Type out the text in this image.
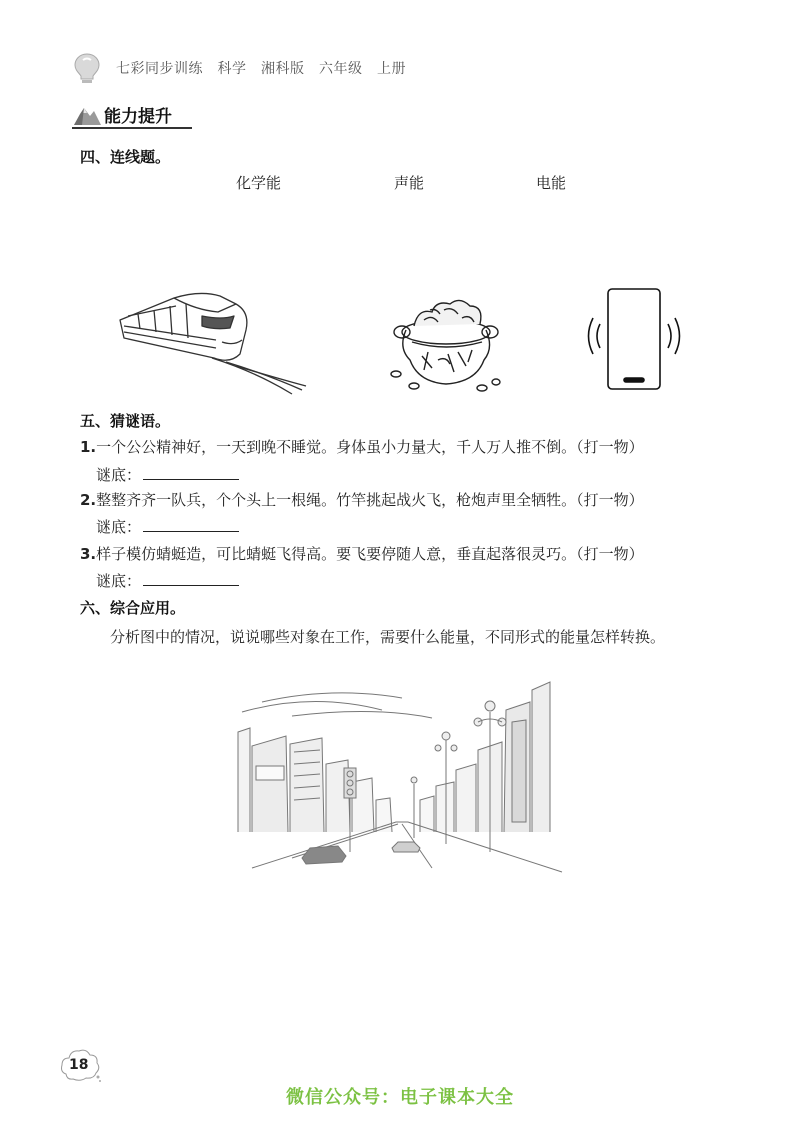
七彩同步训练　科学　湘科版　六年级　上册
能力提升
四、连线题。
化学能	声能	电能
五、猜谜语。
1.一个公公精神好，一天到晚不睡觉。身体虽小力量大，千人万人推不倒。（打一物）
谜底：
2.整整齐齐一队兵，个个头上一根绳。竹竿挑起战火飞，枪炮声里全牺牲。（打一物）
谜底：
3.样子模仿蜻蜓造，可比蜻蜓飞得高。要飞要停随人意，垂直起落很灵巧。（打一物）
谜底：
六、综合应用。
分析图中的情况，说说哪些对象在工作，需要什么能量，不同形式的能量怎样转换。
18
微信公众号：电子课本大全
